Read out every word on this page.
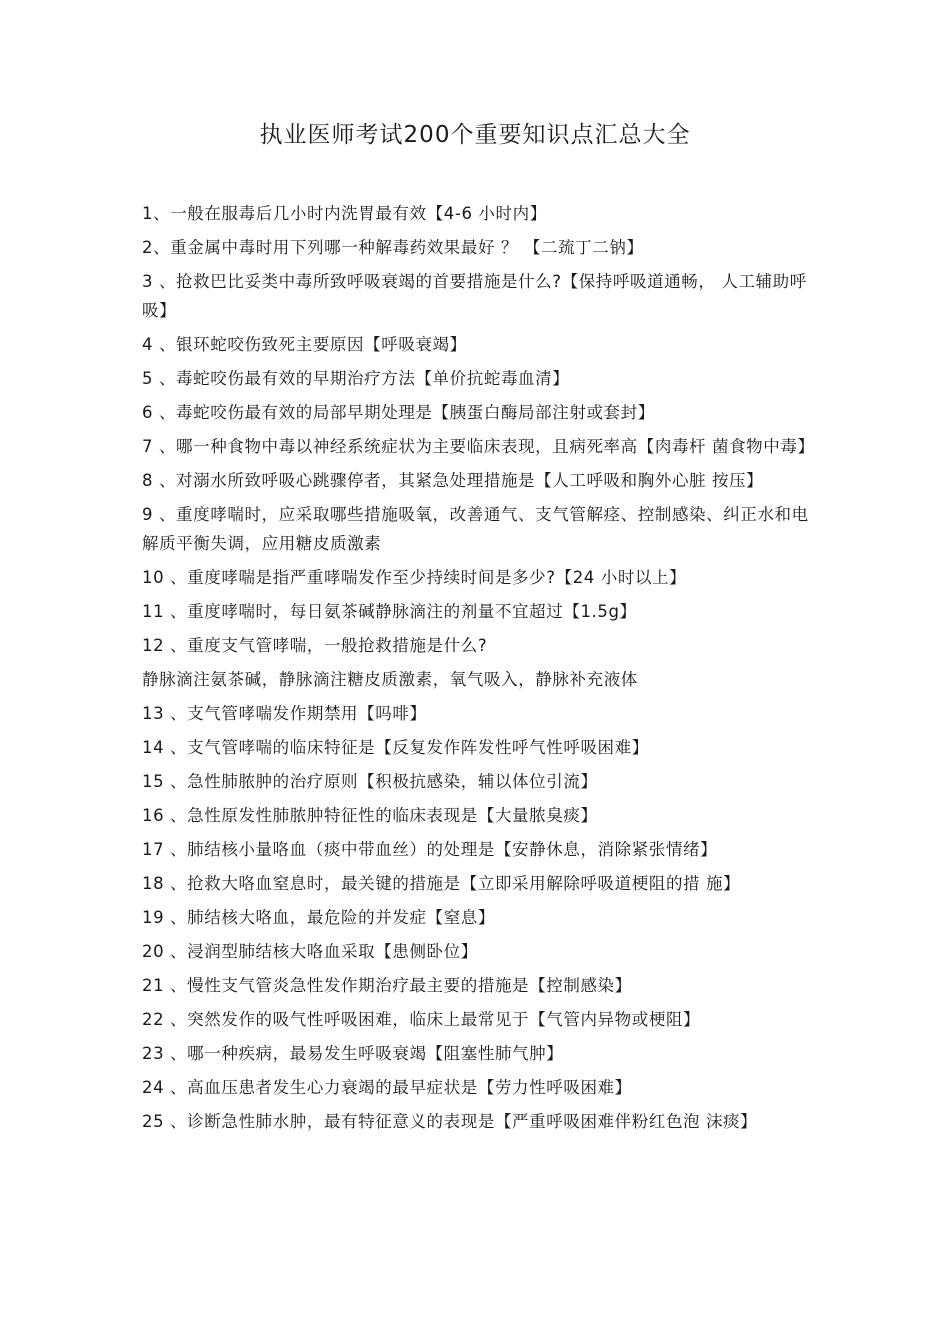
执业医师考试200个重要知识点汇总大全
1、一般在服毒后几小时内洗胃最有效【4-6 小时内】
2、重金属中毒时用下列哪一种解毒药效果最好 ？ 【二巯丁二钠】
3 、抢救巴比妥类中毒所致呼吸衰竭的首要措施是什么?【保持呼吸道通畅， 人工辅助呼吸】
4 、银环蛇咬伤致死主要原因【呼吸衰竭】
5 、毒蛇咬伤最有效的早期治疗方法【单价抗蛇毒血清】
6 、毒蛇咬伤最有效的局部早期处理是【胰蛋白酶局部注射或套封】
7 、哪一种食物中毒以神经系统症状为主要临床表现，且病死率高【肉毒杆 菌食物中毒】
8 、对溺水所致呼吸心跳骤停者，其紧急处理措施是【人工呼吸和胸外心脏 按压】
9 、重度哮喘时，应采取哪些措施吸氧，改善通气、支气管解痉、控制感染、纠正水和电解质平衡失调，应用糖皮质激素
10 、重度哮喘是指严重哮喘发作至少持续时间是多少?【24 小时以上】
11 、重度哮喘时，每日氨茶碱静脉滴注的剂量不宜超过【1.5g】
12 、重度支气管哮喘，一般抢救措施是什么?
静脉滴注氨茶碱，静脉滴注糖皮质激素，氧气吸入，静脉补充液体
13 、支气管哮喘发作期禁用【吗啡】
14 、支气管哮喘的临床特征是【反复发作阵发性呼气性呼吸困难】
15 、急性肺脓肿的治疗原则【积极抗感染，辅以体位引流】
16 、急性原发性肺脓肿特征性的临床表现是【大量脓臭痰】
17 、肺结核小量咯血（痰中带血丝）的处理是【安静休息，消除紧张情绪】
18 、抢救大咯血窒息时，最关键的措施是【立即采用解除呼吸道梗阻的措 施】
19 、肺结核大咯血，最危险的并发症【窒息】
20 、浸润型肺结核大咯血采取【患侧卧位】
21 、慢性支气管炎急性发作期治疗最主要的措施是【控制感染】
22 、突然发作的吸气性呼吸困难，临床上最常见于【气管内异物或梗阻】
23 、哪一种疾病，最易发生呼吸衰竭【阻塞性肺气肿】
24 、高血压患者发生心力衰竭的最早症状是【劳力性呼吸困难】
25 、诊断急性肺水肿，最有特征意义的表现是【严重呼吸困难伴粉红色泡 沫痰】
